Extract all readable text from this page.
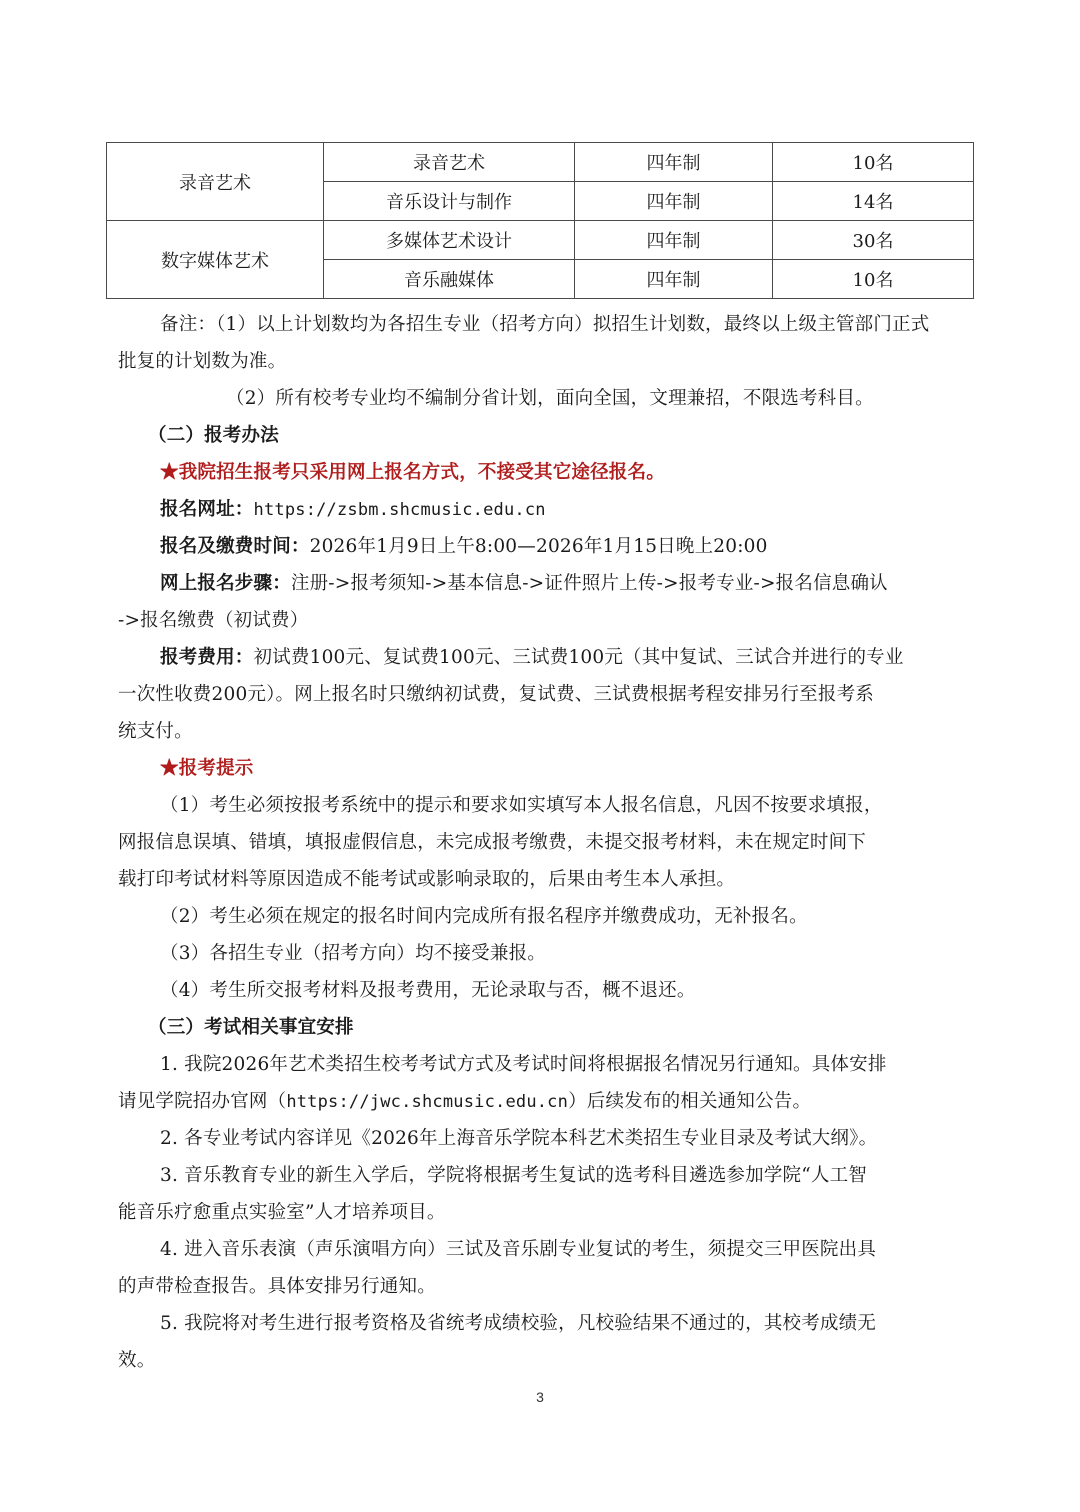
录音艺术	录音艺术	四年制	10名
	音乐设计与制作	四年制	14名
数字媒体艺术	多媒体艺术设计	四年制	30名
	音乐融媒体	四年制	10名
备注：（1）以上计划数均为各招生专业（招考方向）拟招生计划数，最终以上级主管部门正式
批复的计划数为准。
（2）所有校考专业均不编制分省计划，面向全国，文理兼招，不限选考科目。
（二）报考办法
★我院招生报考只采用网上报名方式，不接受其它途径报名。
报名网址：https://zsbm.shcmusic.edu.cn
报名及缴费时间：2026年1月9日上午8:00—2026年1月15日晚上20:00
网上报名步骤：注册->报考须知->基本信息->证件照片上传->报考专业->报名信息确认
->报名缴费（初试费）
报考费用：初试费100元、复试费100元、三试费100元（其中复试、三试合并进行的专业
一次性收费200元）。网上报名时只缴纳初试费，复试费、三试费根据考程安排另行至报考系
统支付。
★报考提示
（1）考生必须按报考系统中的提示和要求如实填写本人报名信息，凡因不按要求填报，
网报信息误填、错填，填报虚假信息，未完成报考缴费，未提交报考材料，未在规定时间下
载打印考试材料等原因造成不能考试或影响录取的，后果由考生本人承担。
（2）考生必须在规定的报名时间内完成所有报名程序并缴费成功，无补报名。
（3）各招生专业（招考方向）均不接受兼报。
（4）考生所交报考材料及报考费用，无论录取与否，概不退还。
（三）考试相关事宜安排
1. 我院2026年艺术类招生校考考试方式及考试时间将根据报名情况另行通知。具体安排
请见学院招办官网（https://jwc.shcmusic.edu.cn）后续发布的相关通知公告。
2. 各专业考试内容详见《2026年上海音乐学院本科艺术类招生专业目录及考试大纲》。
3. 音乐教育专业的新生入学后，学院将根据考生复试的选考科目遴选参加学院“人工智
能音乐疗愈重点实验室”人才培养项目。
4. 进入音乐表演（声乐演唱方向）三试及音乐剧专业复试的考生，须提交三甲医院出具
的声带检查报告。具体安排另行通知。
5. 我院将对考生进行报考资格及省统考成绩校验，凡校验结果不通过的，其校考成绩无
效。
3
